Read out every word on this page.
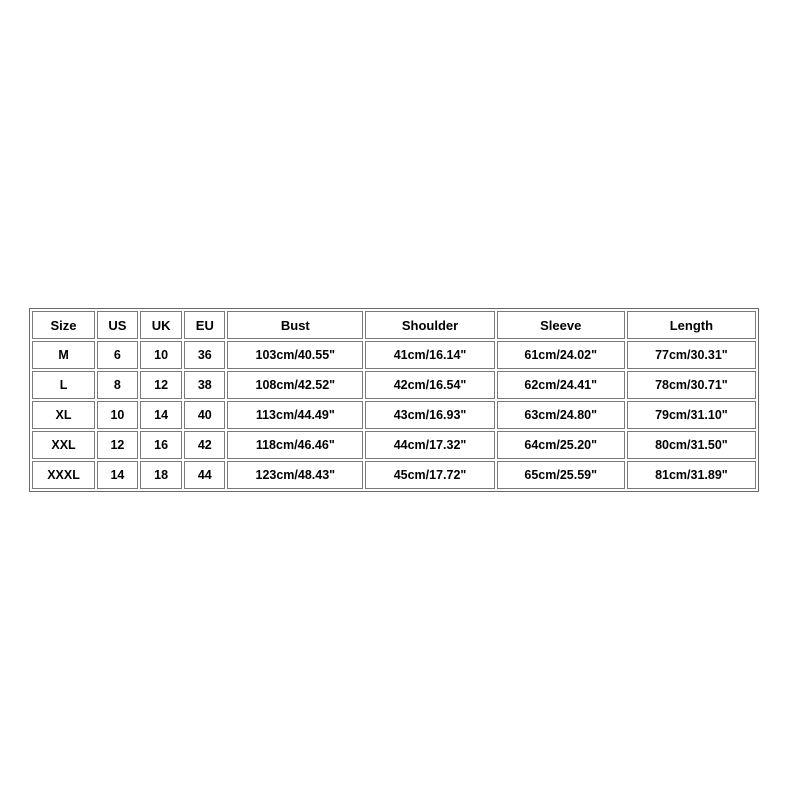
Size	US	UK	EU	Bust	Shoulder	Sleeve	Length
M	6	10	36	103cm/40.55"	41cm/16.14"	61cm/24.02"	77cm/30.31"
L	8	12	38	108cm/42.52"	42cm/16.54"	62cm/24.41"	78cm/30.71"
XL	10	14	40	113cm/44.49"	43cm/16.93"	63cm/24.80"	79cm/31.10"
XXL	12	16	42	118cm/46.46"	44cm/17.32"	64cm/25.20"	80cm/31.50"
XXXL	14	18	44	123cm/48.43"	45cm/17.72"	65cm/25.59"	81cm/31.89"
